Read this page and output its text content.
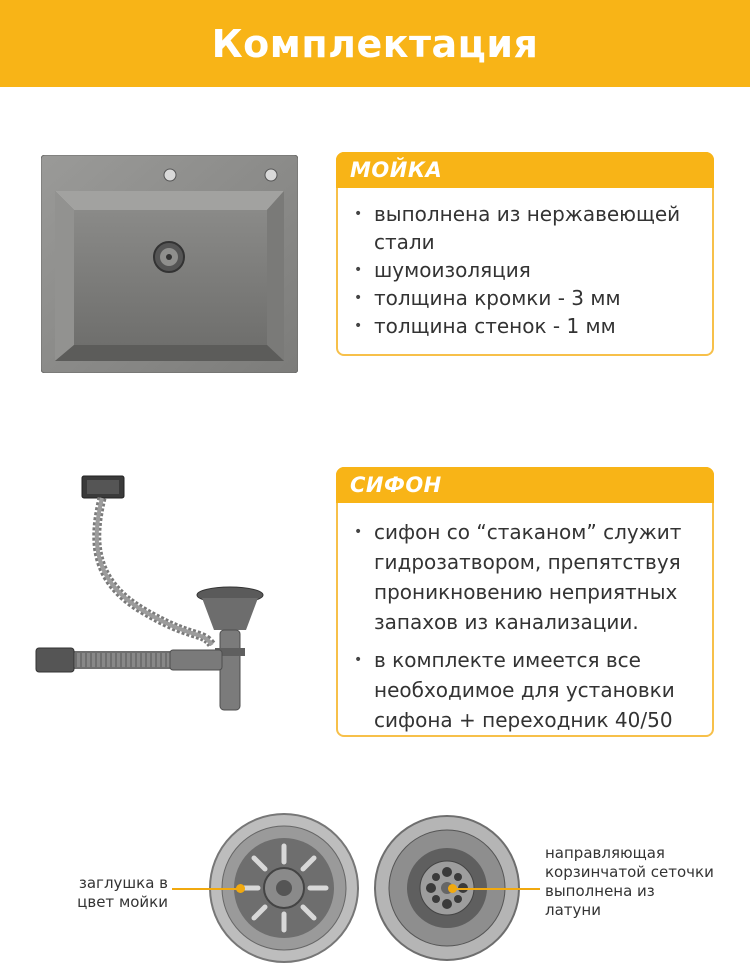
Комплектация
МОЙКА
• выполнена из нержавеющей стали
• шумоизоляция
• толщина кромки - 3 мм
• толщина стенок - 1 мм
СИФОН
• сифон со “стаканом” служит гидрозатвором, препятствуя проникновению неприятных запахов из канализации.
• в комплекте имеется все необходимое для установки сифона + переходник 40/50
заглушка в цвет мойки
направляющая корзинчатой сеточки выполнена из латуни
